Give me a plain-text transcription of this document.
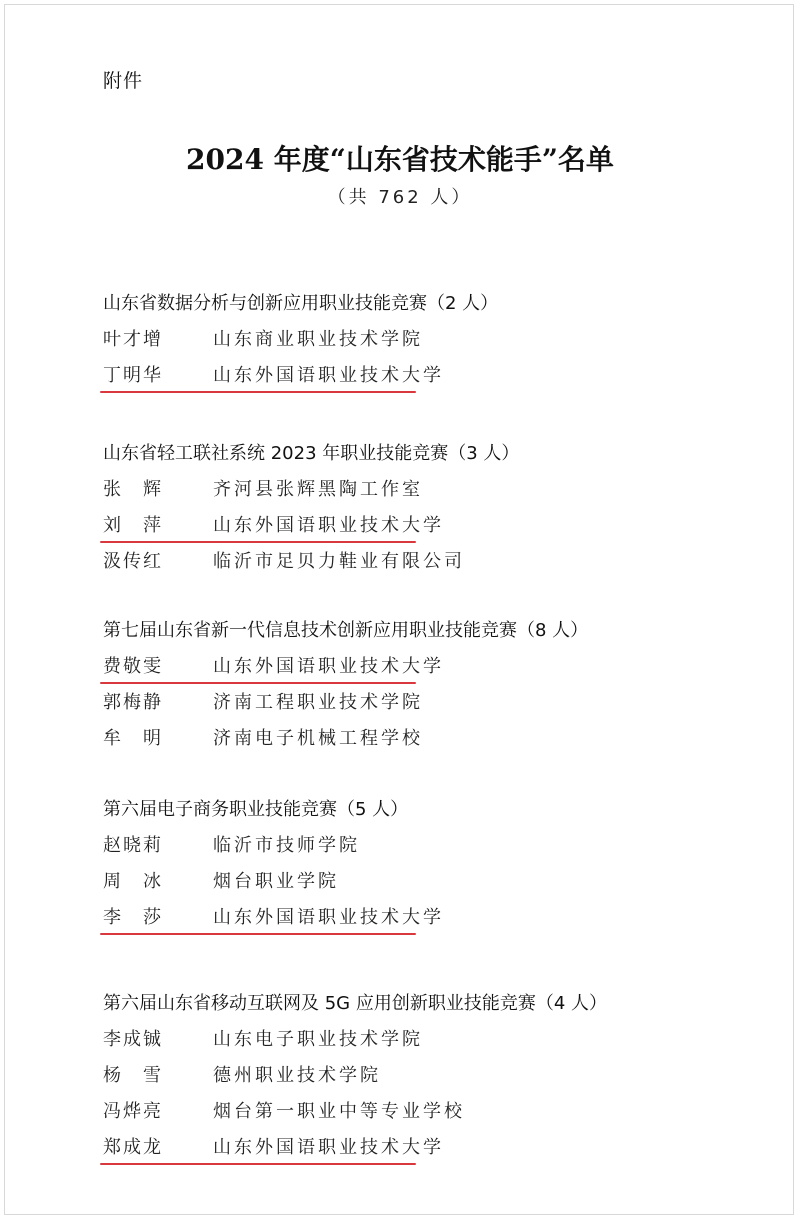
附件
2024 年度“山东省技术能手”名单
（共 762 人）
山东省数据分析与创新应用职业技能竞赛（2 人）
叶才增	山东商业职业技术学院
丁明华	山东外国语职业技术大学
山东省轻工联社系统 2023 年职业技能竞赛（3 人）
张　辉	齐河县张辉黑陶工作室
刘　萍	山东外国语职业技术大学
汲传红	临沂市足贝力鞋业有限公司
第七届山东省新一代信息技术创新应用职业技能竞赛（8 人）
费敬雯	山东外国语职业技术大学
郭梅静	济南工程职业技术学院
牟　明	济南电子机械工程学校
第六届电子商务职业技能竞赛（5 人）
赵晓莉	临沂市技师学院
周　冰	烟台职业学院
李　莎	山东外国语职业技术大学
第六届山东省移动互联网及 5G 应用创新职业技能竞赛（4 人）
李成铖	山东电子职业技术学院
杨　雪	德州职业技术学院
冯烨亮	烟台第一职业中等专业学校
郑成龙	山东外国语职业技术大学
